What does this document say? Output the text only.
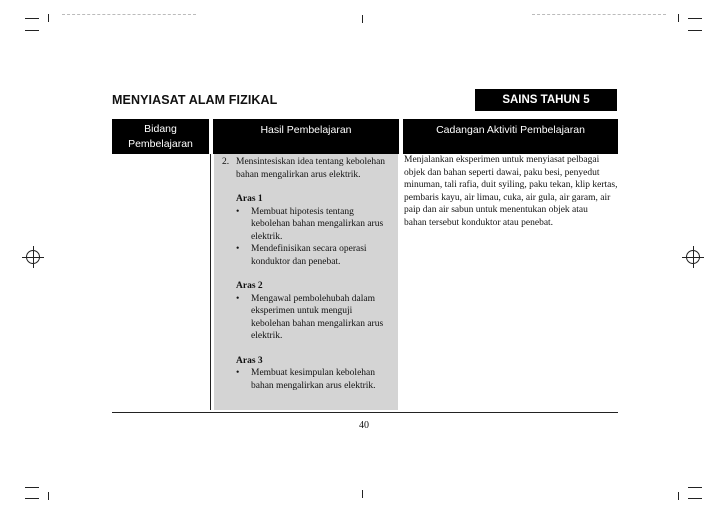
MENYIASAT ALAM FIZIKAL	SAINS TAHUN 5
Bidang
Pembelajaran
Hasil Pembelajaran	Cadangan Aktiviti Pembelajaran
2. Mensintesiskan idea tentang kebolehan
bahan mengalirkan arus elektrik.
Aras 1
• Membuat hipotesis tentang
kebolehan bahan mengalirkan arus
elektrik.
• Mendefinisikan secara operasi
konduktor dan penebat.
Aras 2
• Mengawal pembolehubah dalam
eksperimen untuk menguji
kebolehan bahan mengalirkan arus
elektrik.
Aras 3
• Membuat kesimpulan kebolehan
bahan mengalirkan arus elektrik.
Menjalankan eksperimen untuk menyiasat pelbagai
objek dan bahan seperti dawai, paku besi, penyedut
minuman, tali rafia, duit syiling, paku tekan, klip kertas,
pembaris kayu, air limau, cuka, air gula, air garam, air
paip dan air sabun untuk menentukan objek atau
bahan tersebut konduktor atau penebat.
40
